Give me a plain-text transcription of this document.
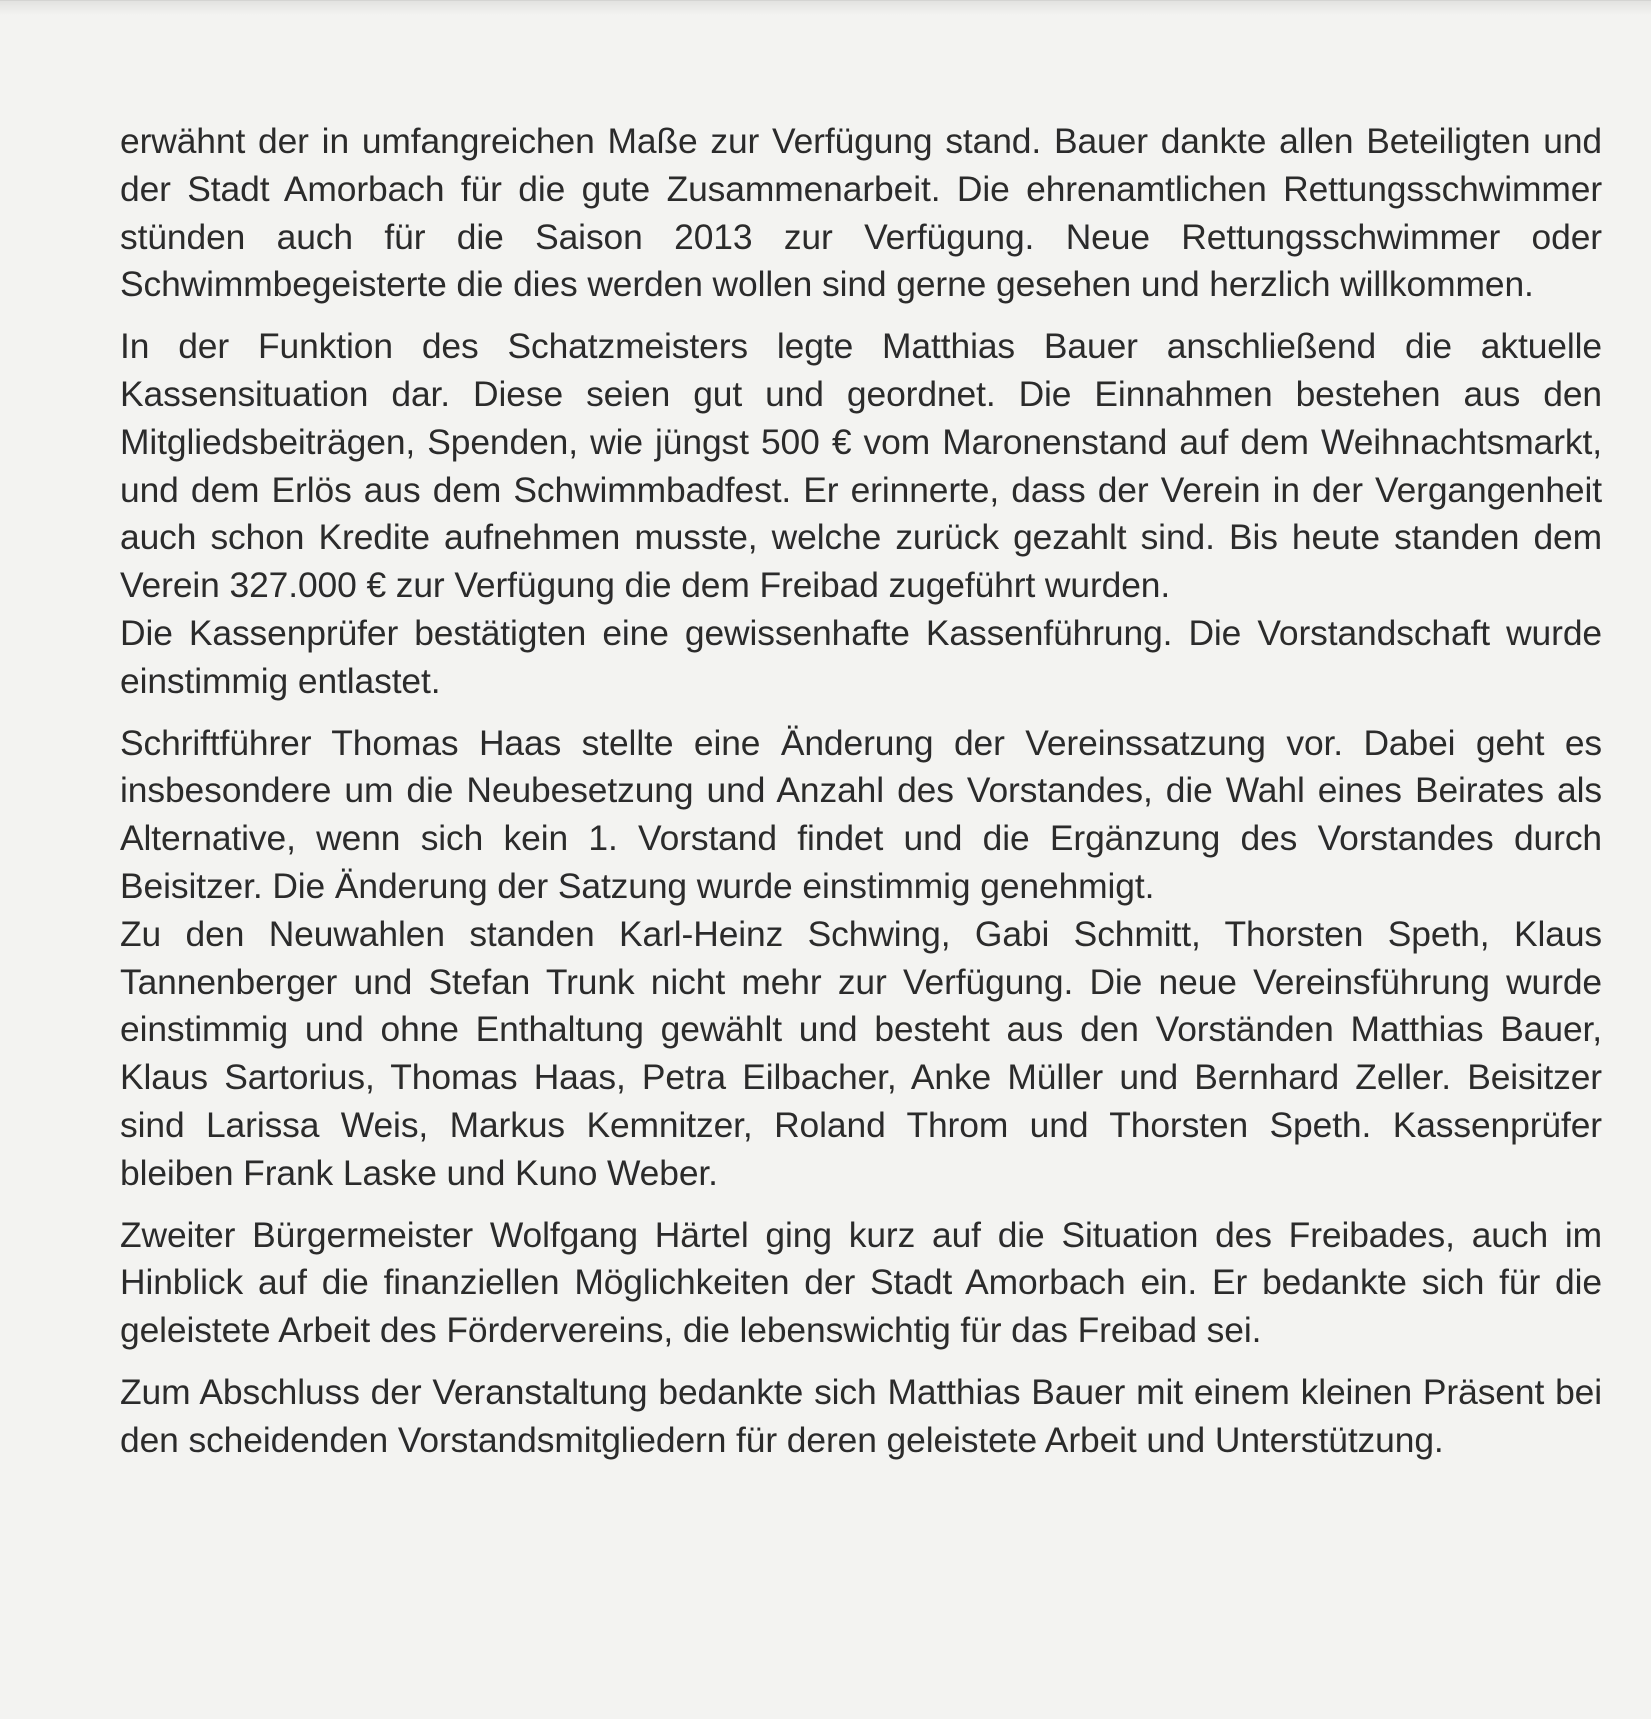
erwähnt der in umfangreichen Maße zur Verfügung stand. Bauer dankte allen Beteiligten und der Stadt Amorbach für die gute Zusammenarbeit. Die ehrenamtlichen Rettungsschwimmer stünden auch für die Saison 2013 zur Verfügung. Neue Rettungsschwimmer oder Schwimmbegeisterte die dies werden wollen sind gerne gesehen und herzlich willkommen.

In der Funktion des Schatzmeisters legte Matthias Bauer anschließend die aktuelle Kassensituation dar. Diese seien gut und geordnet. Die Einnahmen bestehen aus den Mitgliedsbeiträgen, Spenden, wie jüngst 500 € vom Maronenstand auf dem Weihnachtsmarkt, und dem Erlös aus dem Schwimmbadfest. Er erinnerte, dass der Verein in der Vergangenheit auch schon Kredite aufnehmen musste, welche zurück gezahlt sind. Bis heute standen dem Verein 327.000 € zur Verfügung die dem Freibad zugeführt wurden.

Die Kassenprüfer bestätigten eine gewissenhafte Kassenführung. Die Vorstandschaft wurde einstimmig entlastet.

Schriftführer Thomas Haas stellte eine Änderung der Vereinssatzung vor. Dabei geht es insbesondere um die Neubesetzung und Anzahl des Vorstandes, die Wahl eines Beirates als Alternative, wenn sich kein 1. Vorstand findet und die Ergänzung des Vorstandes durch Beisitzer. Die Änderung der Satzung wurde einstimmig genehmigt.

Zu den Neuwahlen standen Karl-Heinz Schwing, Gabi Schmitt, Thorsten Speth, Klaus Tannenberger und Stefan Trunk nicht mehr zur Verfügung. Die neue Vereinsführung wurde einstimmig und ohne Enthaltung gewählt und besteht aus den Vorständen Matthias Bauer, Klaus Sartorius, Thomas Haas, Petra Eilbacher, Anke Müller und Bernhard Zeller. Beisitzer sind Larissa Weis, Markus Kemnitzer, Roland Throm und Thorsten Speth. Kassenprüfer bleiben Frank Laske und Kuno Weber.

Zweiter Bürgermeister Wolfgang Härtel ging kurz auf die Situation des Freibades, auch im Hinblick auf die finanziellen Möglichkeiten der Stadt Amorbach ein. Er bedankte sich für die geleistete Arbeit des Fördervereins, die lebenswichtig für das Freibad sei.

Zum Abschluss der Veranstaltung bedankte sich Matthias Bauer mit einem kleinen Präsent bei den scheidenden Vorstandsmitgliedern für deren geleistete Arbeit und Unterstützung.
